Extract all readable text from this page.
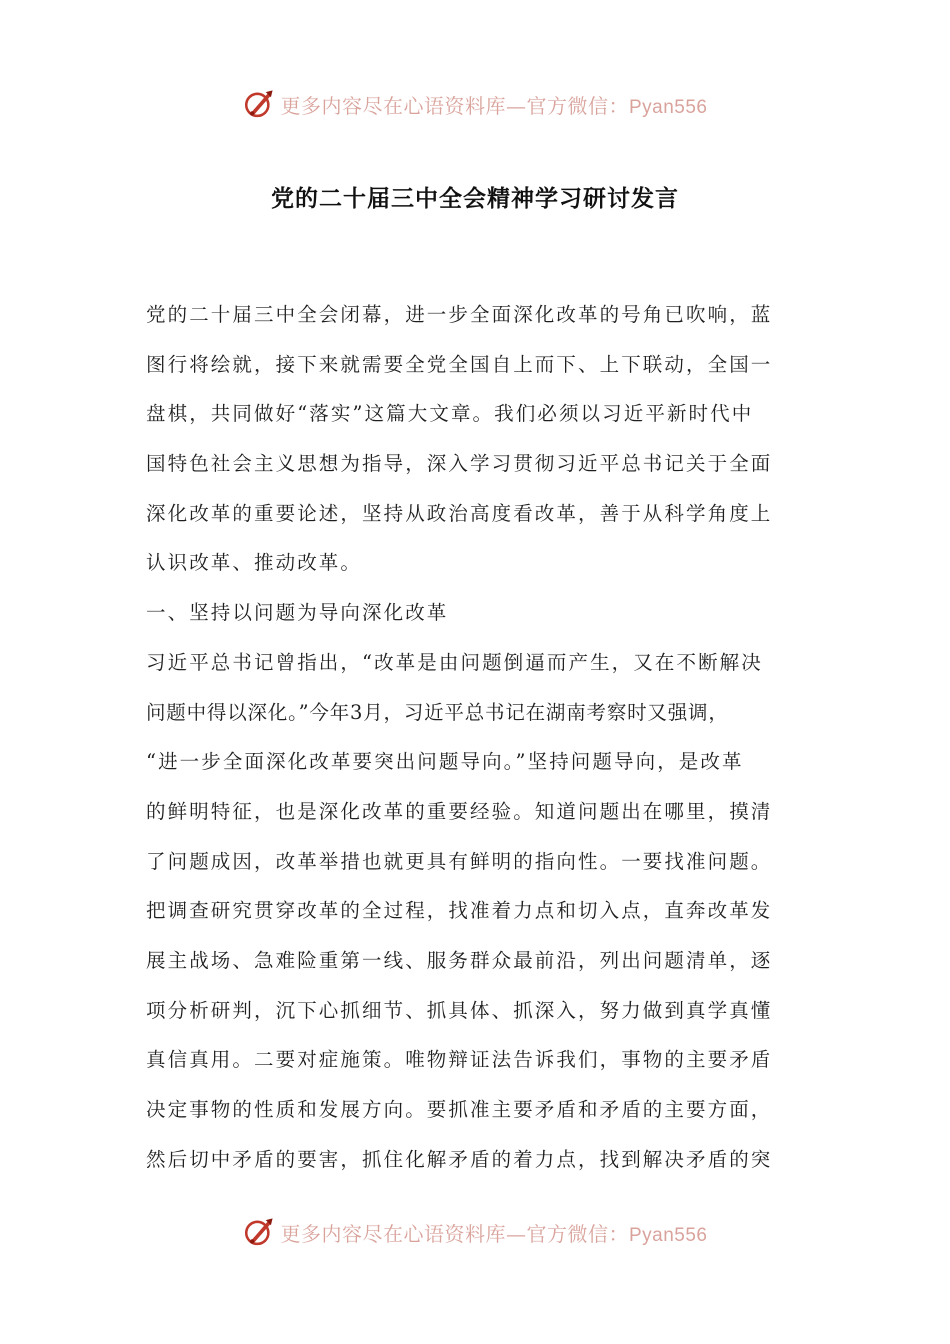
更多内容尽在心语资料库—官方微信：Pyan556
党的二十届三中全会精神学习研讨发言
党的二十届三中全会闭幕，进一步全面深化改革的号角已吹响，蓝
图行将绘就，接下来就需要全党全国自上而下、上下联动，全国一
盘棋，共同做好“落实”这篇大文章。我们必须以习近平新时代中
国特色社会主义思想为指导，深入学习贯彻习近平总书记关于全面
深化改革的重要论述，坚持从政治高度看改革，善于从科学角度上
认识改革、推动改革。
一、坚持以问题为导向深化改革
习近平总书记曾指出，“改革是由问题倒逼而产生，又在不断解决
问题中得以深化。”今年3月，习近平总书记在湖南考察时又强调，
“进一步全面深化改革要突出问题导向。”坚持问题导向，是改革
的鲜明特征，也是深化改革的重要经验。知道问题出在哪里，摸清
了问题成因，改革举措也就更具有鲜明的指向性。一要找准问题。
把调查研究贯穿改革的全过程，找准着力点和切入点，直奔改革发
展主战场、急难险重第一线、服务群众最前沿，列出问题清单，逐
项分析研判，沉下心抓细节、抓具体、抓深入，努力做到真学真懂
真信真用。二要对症施策。唯物辩证法告诉我们，事物的主要矛盾
决定事物的性质和发展方向。要抓准主要矛盾和矛盾的主要方面，
然后切中矛盾的要害，抓住化解矛盾的着力点，找到解决矛盾的突
更多内容尽在心语资料库—官方微信：Pyan556
